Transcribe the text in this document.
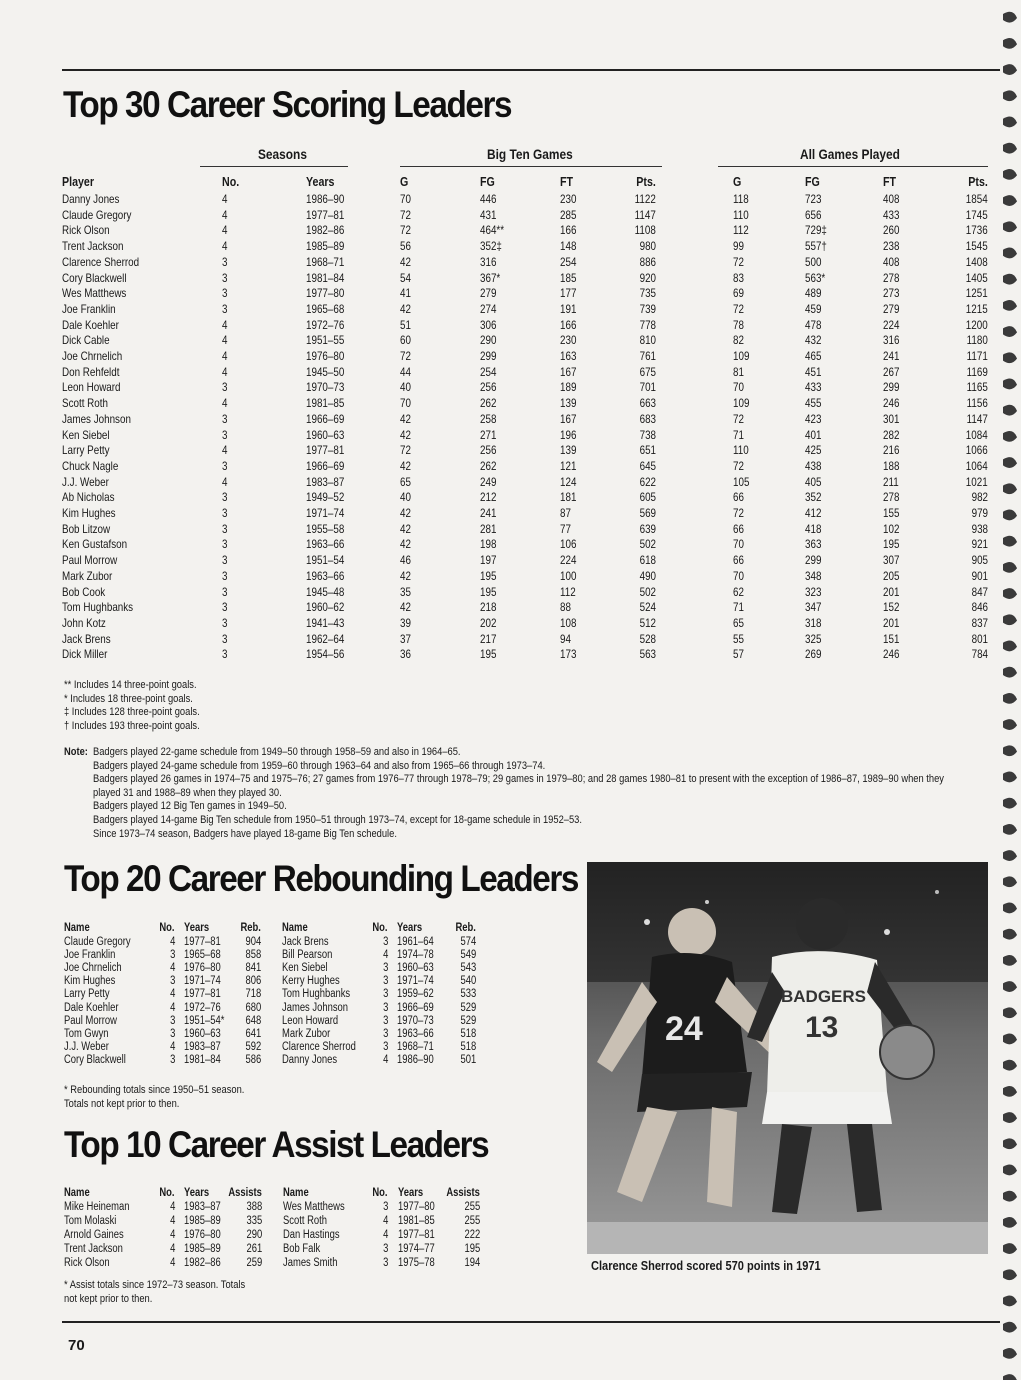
Top 30 Career Scoring Leaders
Seasons	Big Ten Games	All Games Played
Player	No.	Years	G	FG	FT	Pts.	G	FG	FT	Pts.
Danny Jones	4	1986–90	70	446	230	1122	118	723	408	1854
Claude Gregory	4	1977–81	72	431	285	1147	110	656	433	1745
Rick Olson	4	1982–86	72	464**	166	1108	112	729‡	260	1736
Trent Jackson	4	1985–89	56	352‡	148	980	99	557†	238	1545
Clarence Sherrod	3	1968–71	42	316	254	886	72	500	408	1408
Cory Blackwell	3	1981–84	54	367*	185	920	83	563*	278	1405
Wes Matthews	3	1977–80	41	279	177	735	69	489	273	1251
Joe Franklin	3	1965–68	42	274	191	739	72	459	279	1215
Dale Koehler	4	1972–76	51	306	166	778	78	478	224	1200
Dick Cable	4	1951–55	60	290	230	810	82	432	316	1180
Joe Chrnelich	4	1976–80	72	299	163	761	109	465	241	1171
Don Rehfeldt	4	1945–50	44	254	167	675	81	451	267	1169
Leon Howard	3	1970–73	40	256	189	701	70	433	299	1165
Scott Roth	4	1981–85	70	262	139	663	109	455	246	1156
James Johnson	3	1966–69	42	258	167	683	72	423	301	1147
Ken Siebel	3	1960–63	42	271	196	738	71	401	282	1084
Larry Petty	4	1977–81	72	256	139	651	110	425	216	1066
Chuck Nagle	3	1966–69	42	262	121	645	72	438	188	1064
J.J. Weber	4	1983–87	65	249	124	622	105	405	211	1021
Ab Nicholas	3	1949–52	40	212	181	605	66	352	278	982
Kim Hughes	3	1971–74	42	241	87	569	72	412	155	979
Bob Litzow	3	1955–58	42	281	77	639	66	418	102	938
Ken Gustafson	3	1963–66	42	198	106	502	70	363	195	921
Paul Morrow	3	1951–54	46	197	224	618	66	299	307	905
Mark Zubor	3	1963–66	42	195	100	490	70	348	205	901
Bob Cook	3	1945–48	35	195	112	502	62	323	201	847
Tom Hughbanks	3	1960–62	42	218	88	524	71	347	152	846
John Kotz	3	1941–43	39	202	108	512	65	318	201	837
Jack Brens	3	1962–64	37	217	94	528	55	325	151	801
Dick Miller	3	1954–56	36	195	173	563	57	269	246	784
** Includes 14 three-point goals.
* Includes 18 three-point goals.
‡ Includes 128 three-point goals.
† Includes 193 three-point goals.
Note: Badgers played 22-game schedule from 1949–50 through 1958–59 and also in 1964–65.
Badgers played 24-game schedule from 1959–60 through 1963–64 and also from 1965–66 through 1973–74.
Badgers played 26 games in 1974–75 and 1975–76; 27 games from 1976–77 through 1978–79; 29 games in 1979–80; and 28 games 1980–81 to present with the exception of 1986–87, 1989–90 when they
played 31 and 1988–89 when they played 30.
Badgers played 12 Big Ten games in 1949–50.
Badgers played 14-game Big Ten schedule from 1950–51 through 1973–74, except for 18-game schedule in 1952–53.
Since 1973–74 season, Badgers have played 18-game Big Ten schedule.
Top 20 Career Rebounding Leaders
Name	No. Years	Reb.
Claude Gregory	4 1977–81 904
Joe Franklin	3 1965–68 858
Joe Chrnelich	4 1976–80 841
Kim Hughes	3 1971–74 806
Larry Petty	4 1977–81 718
Dale Koehler	4 1972–76 680
Paul Morrow	3 1951–54* 648
Tom Gwyn	3 1960–63 641
J.J. Weber	4 1983–87 592
Cory Blackwell	3 1981–84 586
Name	No. Years	Reb.
Jack Brens	3 1961–64 574
Bill Pearson	4 1974–78 549
Ken Siebel	3 1960–63 543
Kerry Hughes	3 1971–74 540
Tom Hughbanks	3 1959–62 533
James Johnson	3 1966–69 529
Leon Howard	3 1970–73 529
Mark Zubor	3 1963–66 518
Clarence Sherrod 3 1968–71 518
Danny Jones	4 1986–90 501
* Rebounding totals since 1950–51 season.
Totals not kept prior to then.
Top 10 Career Assist Leaders
Name	No. Years Assists
Mike Heineman	4 1983–87 388
Tom Molaski	4 1985–89 335
Arnold Gaines	4 1976–80 290
Trent Jackson	4 1985–89 261
Rick Olson	4 1982–86 259
Name	No. Years Assists
Wes Matthews	3 1977–80	255
Scott Roth	4 1981–85	255
Dan Hastings	4 1977–81	222
Bob Falk	3 1974–77	195
James Smith	3 1975–78	194
* Assist totals since 1972–73 season. Totals
not kept prior to then.
24
BADGERS
13
Clarence Sherrod scored 570 points in 1971
70
